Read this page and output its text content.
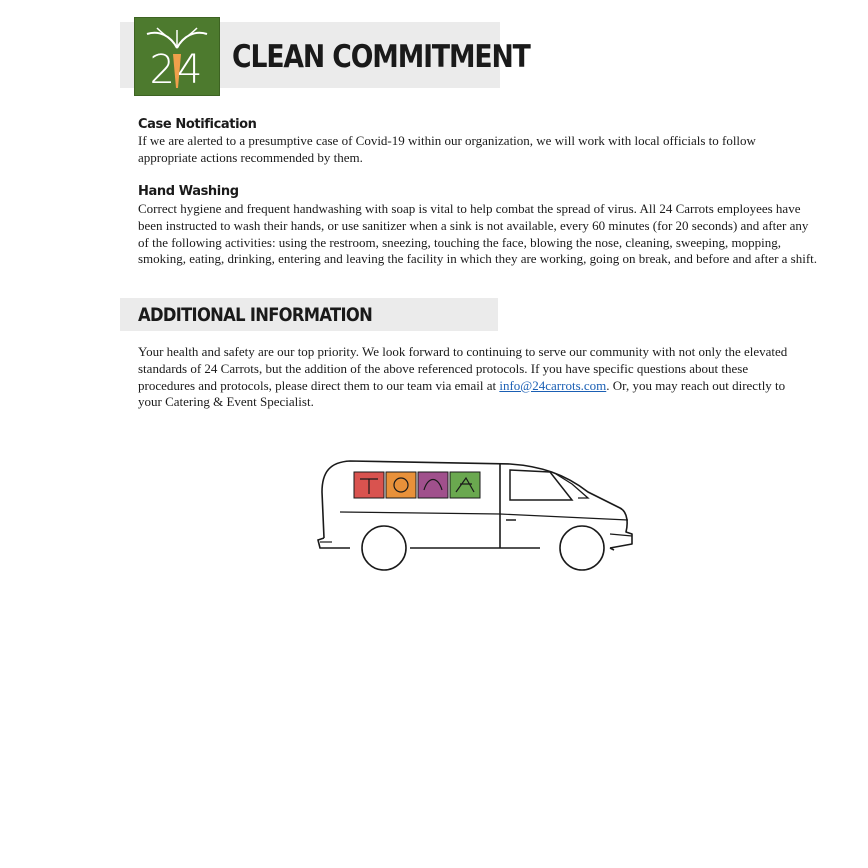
24 CLEAN COMMITMENT
Case Notification

If we are alerted to a presumptive case of Covid-19 within our organization, we will work with local officials to follow appropriate actions recommended by them.

Hand Washing

Correct hygiene and frequent handwashing with soap is vital to help combat the spread of virus. All 24 Carrots employees have been instructed to wash their hands, or use sanitizer when a sink is not available, every 60 minutes (for 20 seconds) and after any of the following activities: using the restroom, sneezing, touching the face, blowing the nose, cleaning, sweeping, mopping, smoking, eating, drinking, entering and leaving the facility in which they are working, going on break, and before and after a shift.

ADDITIONAL INFORMATION

Your health and safety are our top priority. We look forward to continuing to serve our community with not only the elevated standards of 24 Carrots, but the addition of the above referenced protocols. If you have specific questions about these procedures and protocols, please direct them to our team via email at info@24carrots.com. Or, you may reach out directly to your Catering & Event Specialist.
